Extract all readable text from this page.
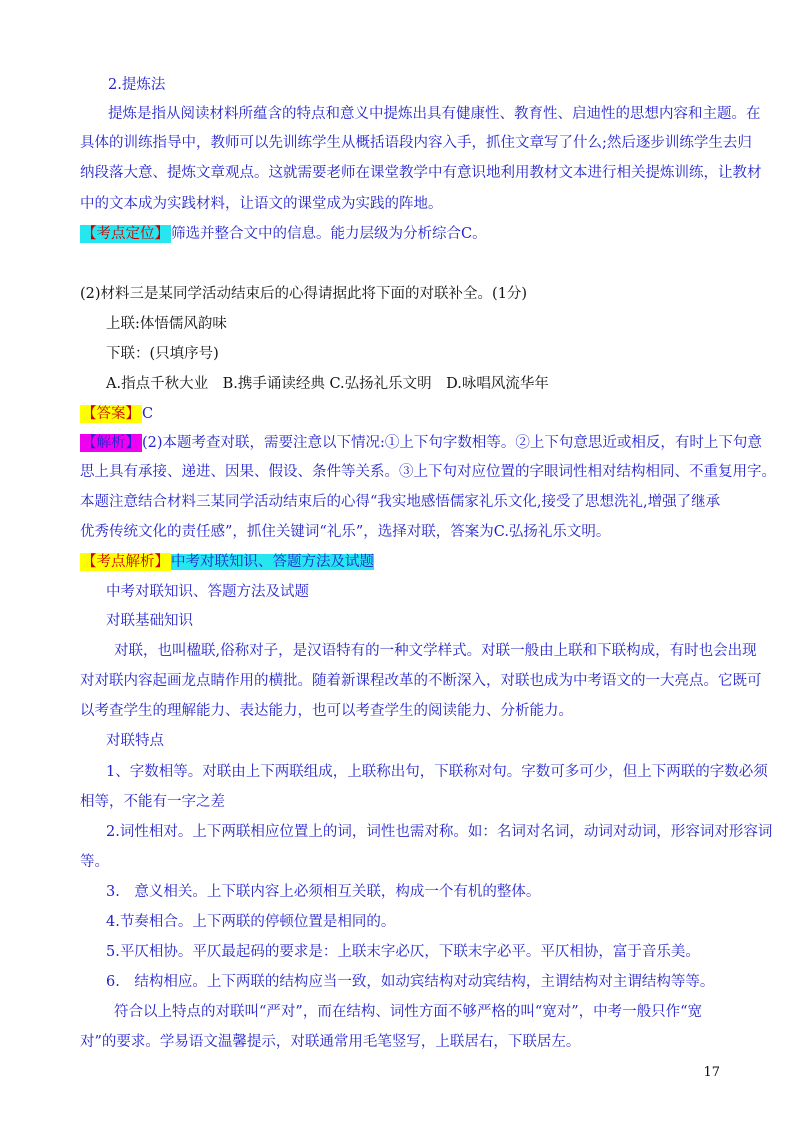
2.提炼法
提炼是指从阅读材料所蕴含的特点和意义中提炼出具有健康性、教育性、启迪性的思想内容和主题。在
具体的训练指导中，教师可以先训练学生从概括语段内容入手，抓住文章写了什么;然后逐步训练学生去归
纳段落大意、提炼文章观点。这就需要老师在课堂教学中有意识地利用教材文本进行相关提炼训练，让教材
中的文本成为实践材料，让语文的课堂成为实践的阵地。
【考点定位】 筛选并整合文中的信息。能力层级为分析综合C。
(2)材料三是某同学活动结束后的心得请据此将下面的对联补全。(1分)
上联:体悟儒风韵味
下联：(只填序号)
A.指点千秋大业　B.携手诵读经典 C.弘扬礼乐文明　D.咏唱风流华年
【答案】 C
【解析】 (2)本题考查对联，需要注意以下情况:①上下句字数相等。②上下句意思近或相反，有时上下句意
思上具有承接、递进、因果、假设、条件等关系。③上下句对应位置的字眼词性相对结构相同、不重复用字。
本题注意结合材料三某同学活动结束后的心得“我实地感悟儒家礼乐文化,接受了思想洗礼,增强了继承
优秀传统文化的责任感”，抓住关键词“礼乐”，选择对联，答案为C.弘扬礼乐文明。
【考点解析】 中考对联知识、答题方法及试题
中考对联知识、答题方法及试题
对联基础知识
对联，也叫楹联,俗称对子，是汉语特有的一种文学样式。对联一般由上联和下联构成，有时也会出现
对对联内容起画龙点睛作用的横批。随着新课程改革的不断深入，对联也成为中考语文的一大亮点。它既可
以考查学生的理解能力、表达能力，也可以考查学生的阅读能力、分析能力。
对联特点
1、字数相等。对联由上下两联组成，上联称出句，下联称对句。字数可多可少，但上下两联的字数必须
相等，不能有一字之差
2.词性相对。上下两联相应位置上的词，词性也需对称。如：名词对名词，动词对动词，形容词对形容词
等。
3.　意义相关。上下联内容上必须相互关联，构成一个有机的整体。
4.节奏相合。上下两联的停顿位置是相同的。
5.平仄相协。平仄最起码的要求是：上联末字必仄，下联末字必平。平仄相协，富于音乐美。
6.　结构相应。上下两联的结构应当一致，如动宾结构对动宾结构，主谓结构对主谓结构等等。
符合以上特点的对联叫“严对”，而在结构、词性方面不够严格的叫“宽对”，中考一般只作“宽
对”的要求。学易语文温馨提示，对联通常用毛笔竖写，上联居右，下联居左。
17
